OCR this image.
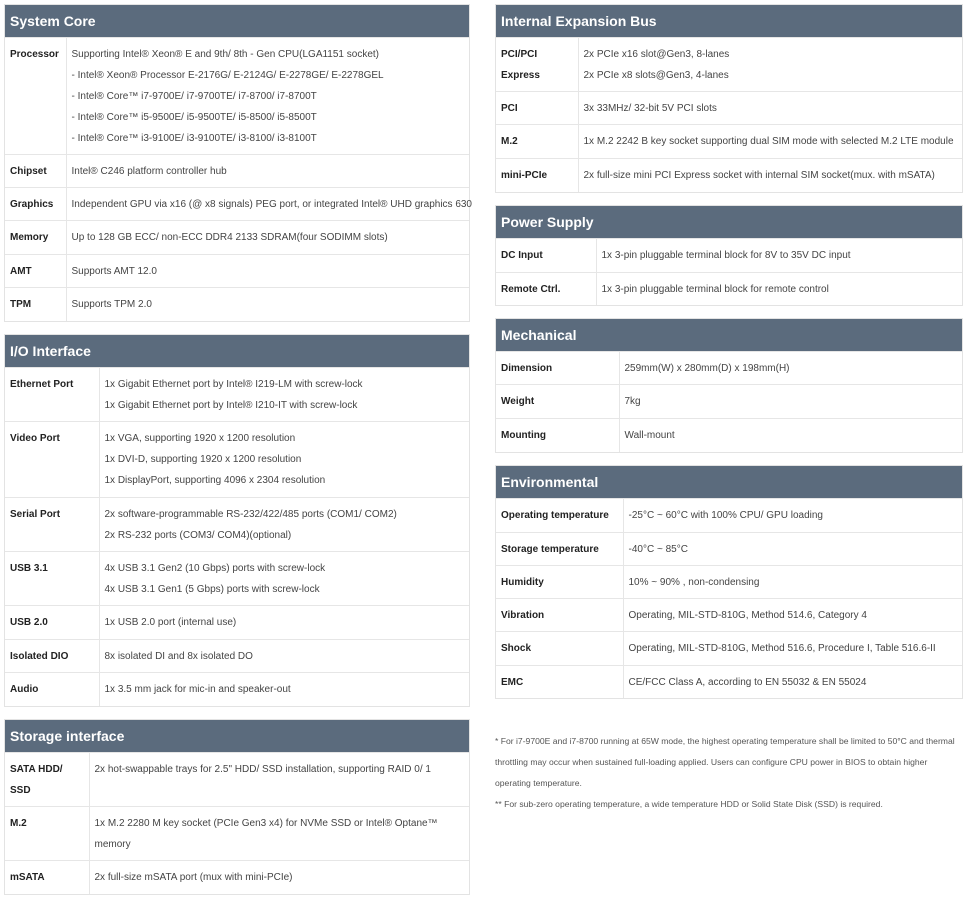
System Core
Processor	Supporting Intel® Xeon® E and 9th/ 8th - Gen CPU(LGA1151 socket)
- Intel® Xeon® Processor E-2176G/ E-2124G/ E-2278GE/ E-2278GEL
- Intel® Core™ i7-9700E/ i7-9700TE/ i7-8700/ i7-8700T
- Intel® Core™ i5-9500E/ i5-9500TE/ i5-8500/ i5-8500T
- Intel® Core™ i3-9100E/ i3-9100TE/ i3-8100/ i3-8100T

Chipset	Intel® C246 platform controller hub

Graphics	Independent GPU via x16 (@ x8 signals) PEG port, or integrated Intel® UHD graphics 630

Memory	Up to 128 GB ECC/ non-ECC DDR4 2133 SDRAM(four SODIMM slots)

AMT	Supports AMT 12.0

TPM	Supports TPM 2.0
I/O Interface
Ethernet Port	1x Gigabit Ethernet port by Intel® I219-LM with screw-lock
1x Gigabit Ethernet port by Intel® I210-IT with screw-lock

Video Port	1x VGA, supporting 1920 x 1200 resolution
1x DVI-D, supporting 1920 x 1200 resolution
1x DisplayPort, supporting 4096 x 2304 resolution

Serial Port	2x software-programmable RS-232/422/485 ports (COM1/ COM2)
2x RS-232 ports (COM3/ COM4)(optional)

USB 3.1	4x USB 3.1 Gen2 (10 Gbps) ports with screw-lock
4x USB 3.1 Gen1 (5 Gbps) ports with screw-lock

USB 2.0	1x USB 2.0 port (internal use)

Isolated DIO	8x isolated DI and 8x isolated DO

Audio	1x 3.5 mm jack for mic-in and speaker-out
Storage interface
SATA HDD/
SSD	2x hot-swappable trays for 2.5" HDD/ SSD installation, supporting RAID 0/ 1

M.2	1x M.2 2280 M key socket (PCIe Gen3 x4) for NVMe SSD or Intel® Optane™
memory

mSATA	2x full-size mSATA port (mux with mini-PCIe)
Internal Expansion Bus
PCI/PCI Express	2x PCIe x16 slot@Gen3, 8-lanes
2x PCIe x8 slots@Gen3, 4-lanes

PCI	3x 33MHz/ 32-bit 5V PCI slots

M.2	1x M.2 2242 B key socket supporting dual SIM mode with selected M.2 LTE module

mini-PCIe	2x full-size mini PCI Express socket with internal SIM socket(mux. with mSATA)
Power Supply
DC Input	1x 3-pin pluggable terminal block for 8V to 35V DC input

Remote Ctrl.	1x 3-pin pluggable terminal block for remote control
Mechanical
Dimension	259mm(W) x 280mm(D) x 198mm(H)

Weight	7kg

Mounting	Wall-mount
Environmental
Operating temperature	-25°C ~ 60°C with 100% CPU/ GPU loading

Storage temperature	-40°C ~ 85°C

Humidity	10% ~ 90% , non-condensing

Vibration	Operating, MIL-STD-810G, Method 514.6, Category 4

Shock	Operating, MIL-STD-810G, Method 516.6, Procedure I, Table 516.6-II

EMC	CE/FCC Class A, according to EN 55032 & EN 55024

* For i7-9700E and i7-8700 running at 65W mode, the highest operating temperature shall be limited to 50°C and thermal throttling may occur when sustained full-loading applied. Users can configure CPU power in BIOS to obtain higher operating temperature.

** For sub-zero operating temperature, a wide temperature HDD or Solid State Disk (SSD) is required.
